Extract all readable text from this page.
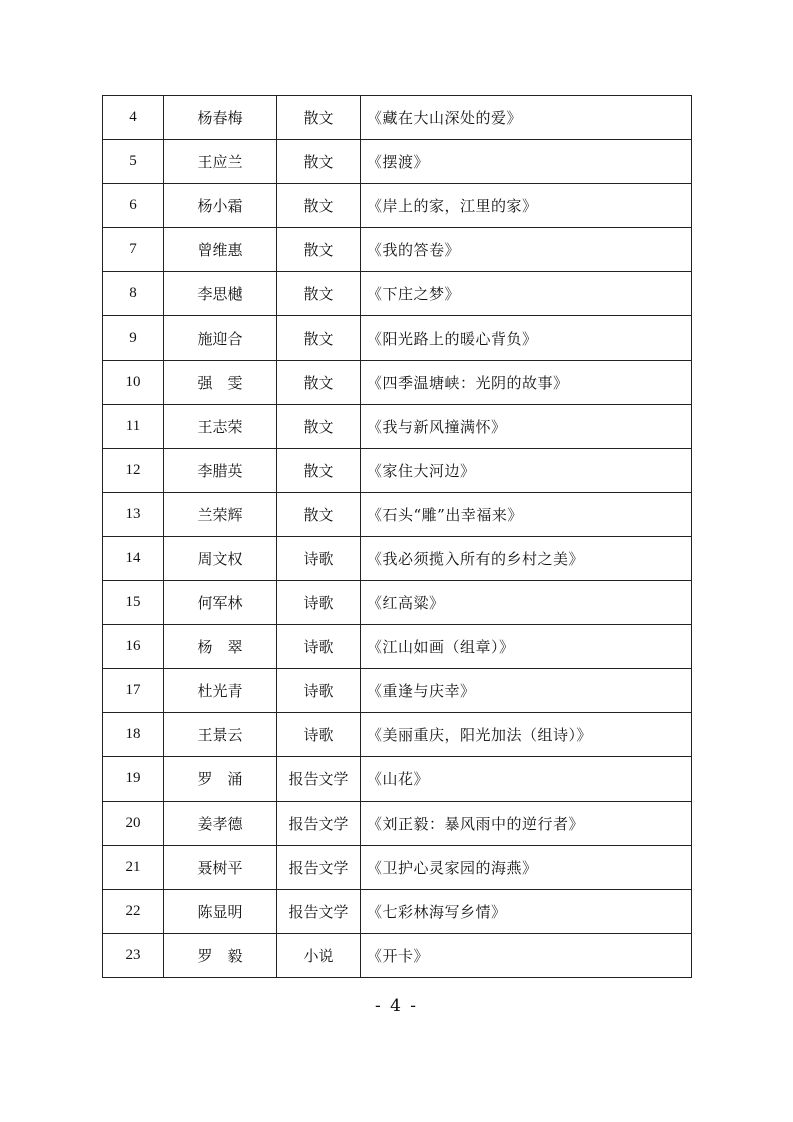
4	杨春梅	散文	《藏在大山深处的爱》
5	王应兰	散文	《摆渡》
6	杨小霜	散文	《岸上的家，江里的家》
7	曾维惠	散文	《我的答卷》
8	李思樾	散文	《下庄之梦》
9	施迎合	散文	《阳光路上的暖心背负》
10	强　雯	散文	《四季温塘峡：光阴的故事》
11	王志荣	散文	《我与新风撞满怀》
12	李腊英	散文	《家住大河边》
13	兰荣辉	散文	《石头“雕”出幸福来》
14	周文权	诗歌	《我必须揽入所有的乡村之美》
15	何军林	诗歌	《红高粱》
16	杨　翠	诗歌	《江山如画（组章）》
17	杜光青	诗歌	《重逢与庆幸》
18	王景云	诗歌	《美丽重庆，阳光加法（组诗）》
19	罗　涌	报告文学	《山花》
20	姜孝德	报告文学	《刘正毅：暴风雨中的逆行者》
21	聂树平	报告文学	《卫护心灵家园的海燕》
22	陈显明	报告文学	《七彩林海写乡情》
23	罗　毅	小说	《开卡》
- 4 -
